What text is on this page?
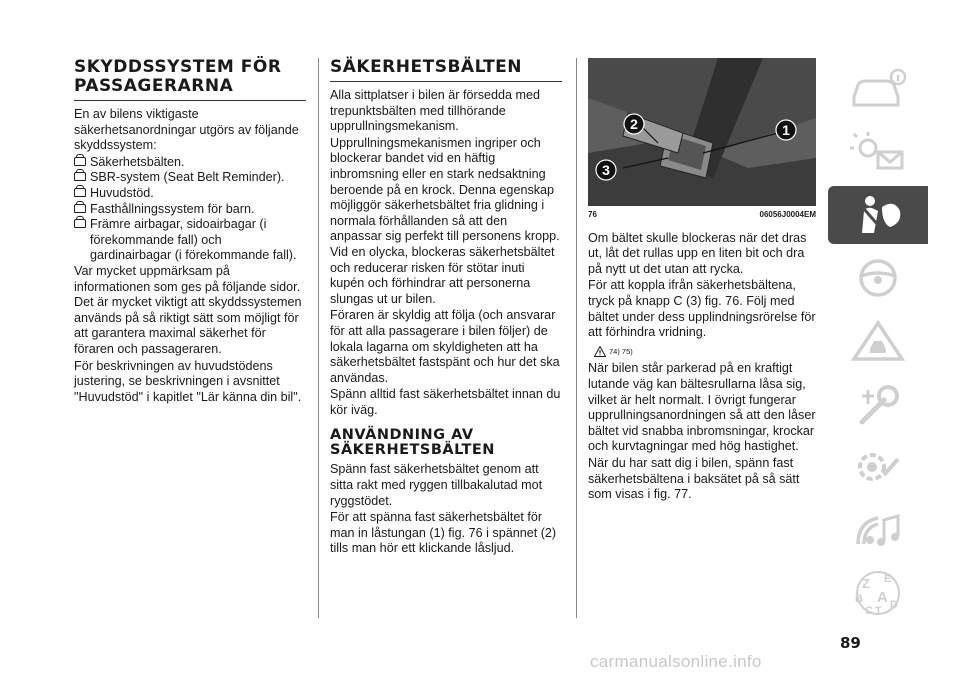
SKYDDSSYSTEM FÖR PASSAGERARNA

En av bilens viktigaste säkerhetsanordningar utgörs av följande skyddssystem:

Säkerhetsbälten.
SBR-system (Seat Belt Reminder).
Huvudstöd.
Fasthållningssystem för barn.
Främre airbagar, sidoairbagar (i förekommande fall) och gardinairbagar (i förekommande fall).

Var mycket uppmärksam på informationen som ges på följande sidor. Det är mycket viktigt att skyddssystemen används på så riktigt sätt som möjligt för att garantera maximal säkerhet för föraren och passageraren.

För beskrivningen av huvudstödens justering, se beskrivningen i avsnittet "Huvudstöd" i kapitlet "Lär känna din bil".

SÄKERHETSBÄLTEN

Alla sittplatser i bilen är försedda med trepunktsbälten med tillhörande upprullningsmekanism.

Upprullningsmekanismen ingriper och blockerar bandet vid en häftig inbromsning eller en stark nedsaktning beroende på en krock. Denna egenskap möjliggör säkerhetsbältet fria glidning i normala förhållanden så att den anpassar sig perfekt till personens kropp. Vid en olycka, blockeras säkerhetsbältet och reducerar risken för stötar inuti kupén och förhindrar att personerna slungas ut ur bilen.

Föraren är skyldig att följa (och ansvarar för att alla passagerare i bilen följer) de lokala lagarna om skyldigheten att ha säkerhetsbältet fastspänt och hur det ska användas.

Spänn alltid fast säkerhetsbältet innan du kör iväg.

ANVÄNDNING AV SÄKERHETSBÄLTEN

Spänn fast säkerhetsbältet genom att sitta rakt med ryggen tillbakalutad mot ryggstödet.

För att spänna fast säkerhetsbältet för man in låstungan (1) fig. 76 i spännet (2) tills man hör ett klickande låsljud.

1
2
3
76	06056J0004EM

Om bältet skulle blockeras när det dras ut, låt det rullas upp en liten bit och dra på nytt ut det utan att rycka.

För att koppla ifrån säkerhetsbältena, tryck på knapp C (3) fig. 76. Följ med bältet under dess upplindningsrörelse för att förhindra vridning.

74) 75)

När bilen står parkerad på en kraftigt lutande väg kan bältesrullarna låsa sig, vilket är helt normalt. I övrigt fungerar upprullningsanordningen så att den låser bältet vid snabba inbromsningar, krockar och kurvtagningar med hög hastighet.

När du har satt dig i bilen, spänn fast säkerhetsbältena i baksätet på så sätt som visas i fig. 77.

Z E
B A
C T D
89
carmanualsonline.info
